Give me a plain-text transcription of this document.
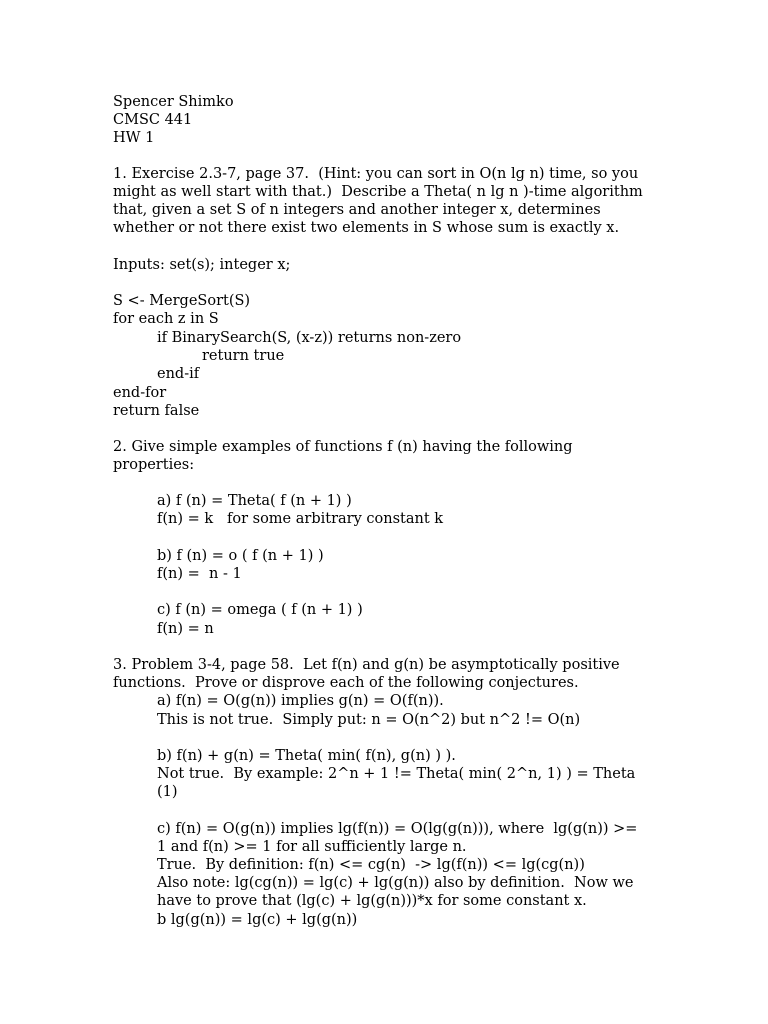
Spencer Shimko

CMSC 441

HW 1

1. Exercise 2.3-7, page 37.  (Hint: you can sort in O(n lg n) time, so you

might as well start with that.)  Describe a Theta( n lg n )-time algorithm

that, given a set S of n integers and another integer x, determines

whether or not there exist two elements in S whose sum is exactly x.

Inputs: set(s); integer x;

S <- MergeSort(S)

for each z in S

if BinarySearch(S, (x-z)) returns non-zero

return true

end-if

end-for

return false

2. Give simple examples of functions f (n) having the following

properties:

a) f (n) = Theta( f (n + 1) )

f(n) = k   for some arbitrary constant k

b) f (n) = o ( f (n + 1) )

f(n) =  n - 1

c) f (n) = omega ( f (n + 1) )

f(n) = n

3. Problem 3-4, page 58.  Let f(n) and g(n) be asymptotically positive

functions.  Prove or disprove each of the following conjectures.

a) f(n) = O(g(n)) implies g(n) = O(f(n)).

This is not true.  Simply put: n = O(n^2) but n^2 != O(n)

b) f(n) + g(n) = Theta( min( f(n), g(n) ) ).

Not true.  By example: 2^n + 1 != Theta( min( 2^n, 1) ) = Theta

(1)

c) f(n) = O(g(n)) implies lg(f(n)) = O(lg(g(n))), where  lg(g(n)) >=

1 and f(n) >= 1 for all sufficiently large n.

True.  By definition: f(n) <= cg(n)  -> lg(f(n)) <= lg(cg(n))

Also note: lg(cg(n)) = lg(c) + lg(g(n)) also by definition.  Now we

have to prove that (lg(c) + lg(g(n)))*x for some constant x.

b lg(g(n)) = lg(c) + lg(g(n))
